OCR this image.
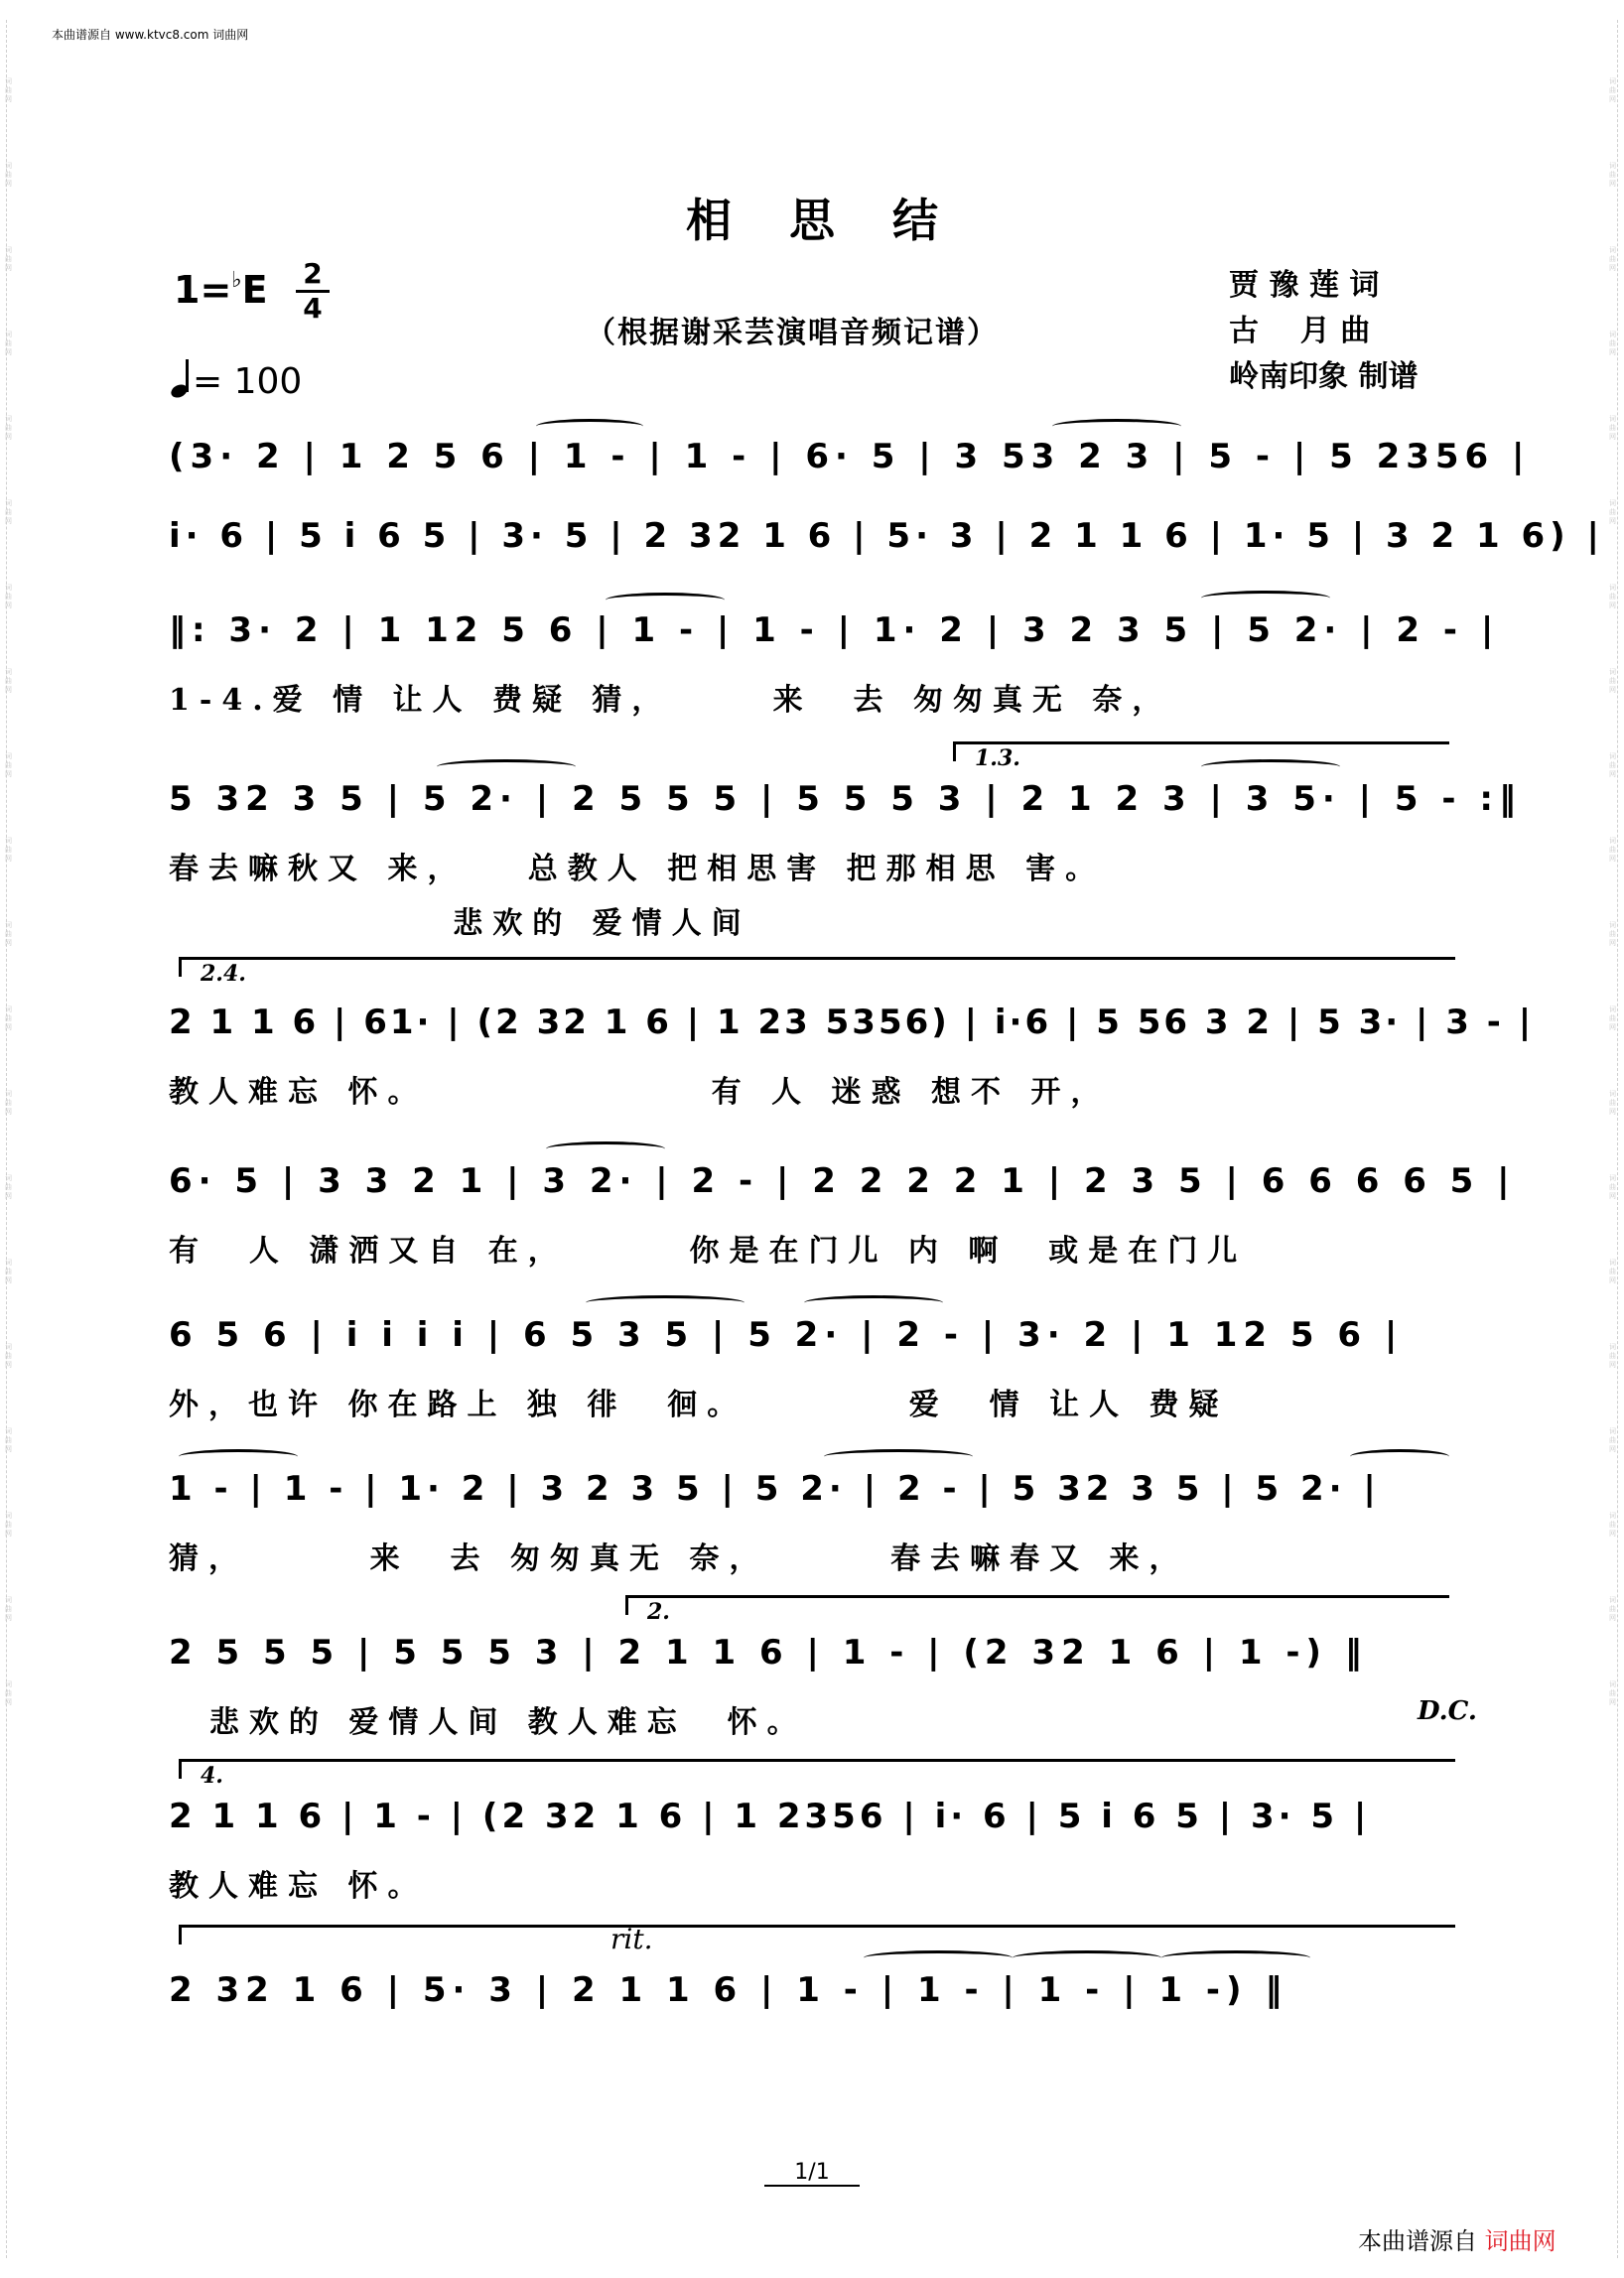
词曲网
词曲网
词曲网
词曲网
词曲网
词曲网
词曲网
词曲网
词曲网
词曲网
词曲网
词曲网
词曲网
词曲网
词曲网
词曲网
词曲网
词曲网
词曲网
词曲网
词曲网
词曲网
词曲网
词曲网
词曲网
词曲网
词曲网
词曲网
词曲网
词曲网
词曲网
词曲网
词曲网
词曲网
词曲网
词曲网
词曲网
词曲网
词曲网
词曲网
本曲谱源自 www.ktvc8.com 词曲网
相思结
1=♭E 2
4
= 100
（根据谢采芸演唱音频记谱）
贾 豫 莲 词
古    月 曲
岭南印象 制谱
(3· 2 | 1 2 5 6 | 1 - | 1 - | 6· 5 | 3 53 2 3 | 5 - | 5 2356 |
i· 6 | 5 i 6 5 | 3· 5 | 2 32 1 6 | 5· 3 | 2 1 1 6 | 1· 5 | 3 2 1 6) |
‖: 3· 2 | 1 12 5 6 | 1 - | 1 - | 1· 2 | 3 2 3 5 | 5 2· | 2 - |
1-4.爱 情 让人 费疑 猜，     来  去 匆匆真无 奈，
1.3.
5 32 3 5 | 5 2· | 2 5 5 5 | 5 5 5 3 | 2 1 2 3 | 3 5· | 5 - :‖
春去嘛秋又 来，   总教人 把相思害 把那相思 害。
悲欢的 爱情人间
2.4.
2 1 1 6 | 61· | (2 32 1 6 | 1 23 5356) | i·6 | 5 56 3 2 | 5 3· | 3 - |
教人难忘 怀。              有 人 迷惑 想不 开，
6· 5 | 3 3 2 1 | 3 2· | 2 - | 2 2 2 2 1 | 2 3 5 | 6 6 6 6 5 |
有  人 潇洒又自 在，      你是在门儿 内 啊  或是在门儿
6 5 6 | i i i i | 6 5 3 5 | 5 2· | 2 - | 3· 2 | 1 12 5 6 |
外，也许 你在路上 独 徘  徊。        爱  情 让人 费疑
1 - | 1 - | 1· 2 | 3 2 3 5 | 5 2· | 2 - | 5 32 3 5 | 5 2· |
猜，      来  去 匆匆真无 奈，      春去嘛春又 来，
2.
2 5 5 5 | 5 5 5 3 | 2 1 1 6 | 1 - | (2 32 1 6 | 1 -) ‖
悲欢的 爱情人间 教人难忘  怀。	D.C.
4.
2 1 1 6 | 1 - | (2 32 1 6 | 1 2356 | i· 6 | 5 i 6 5 | 3· 5 |
教人难忘 怀。
rit.
2 32 1 6 | 5· 3 | 2 1 1 6 | 1 - | 1 - | 1 - | 1 -) ‖
1/1
本曲谱源自 词曲网
